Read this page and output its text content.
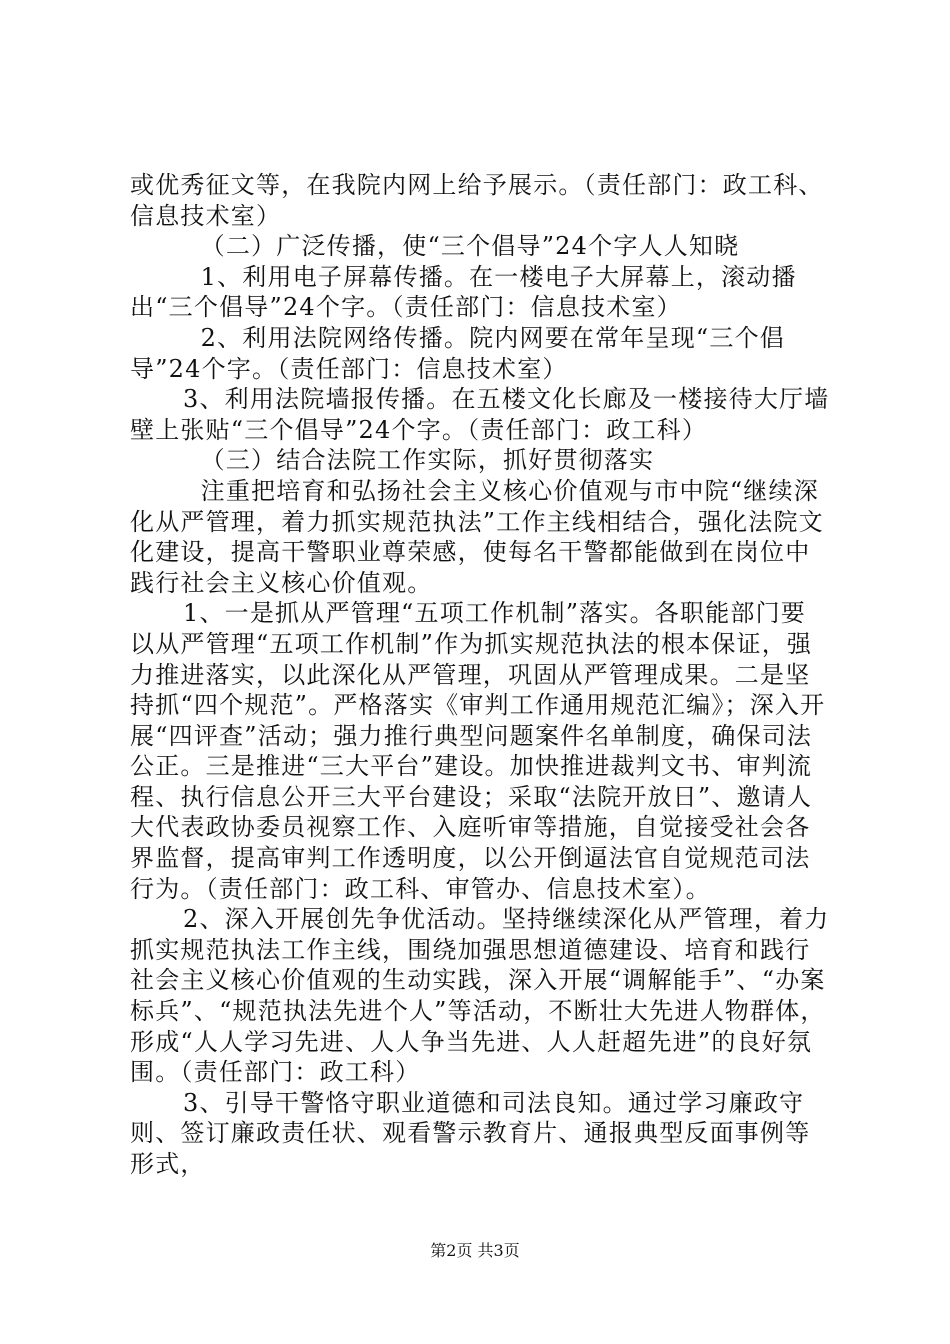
或优秀征文等，在我院内网上给予展示。（责任部门：政工科、信息技术室）

（二）广泛传播，使“三个倡导”24个字人人知晓

1、利用电子屏幕传播。在一楼电子大屏幕上，滚动播出“三个倡导”24个字。（责任部门：信息技术室）

2、利用法院网络传播。院内网要在常年呈现“三个倡导”24个字。（责任部门：信息技术室）

3、利用法院墙报传播。在五楼文化长廊及一楼接待大厅墙壁上张贴“三个倡导”24个字。（责任部门：政工科）

（三）结合法院工作实际，抓好贯彻落实

注重把培育和弘扬社会主义核心价值观与市中院“继续深化从严管理，着力抓实规范执法”工作主线相结合，强化法院文化建设，提高干警职业尊荣感，使每名干警都能做到在岗位中践行社会主义核心价值观。

1、一是抓从严管理“五项工作机制”落实。各职能部门要以从严管理“五项工作机制”作为抓实规范执法的根本保证，强力推进落实，以此深化从严管理，巩固从严管理成果。二是坚持抓“四个规范”。严格落实《审判工作通用规范汇编》；深入开展“四评查”活动；强力推行典型问题案件名单制度，确保司法公正。三是推进“三大平台”建设。加快推进裁判文书、审判流程、执行信息公开三大平台建设；采取“法院开放日”、邀请人大代表政协委员视察工作、入庭听审等措施，自觉接受社会各界监督，提高审判工作透明度，以公开倒逼法官自觉规范司法行为。（责任部门：政工科、审管办、信息技术室）。

2、深入开展创先争优活动。坚持继续深化从严管理，着力抓实规范执法工作主线，围绕加强思想道德建设、培育和践行社会主义核心价值观的生动实践，深入开展“调解能手”、“办案标兵”、“规范执法先进个人”等活动，不断壮大先进人物群体，形成“人人学习先进、人人争当先进、人人赶超先进”的良好氛围。（责任部门：政工科）

3、引导干警恪守职业道德和司法良知。通过学习廉政守则、签订廉政责任状、观看警示教育片、通报典型反面事例等形式，

第2页 共3页
